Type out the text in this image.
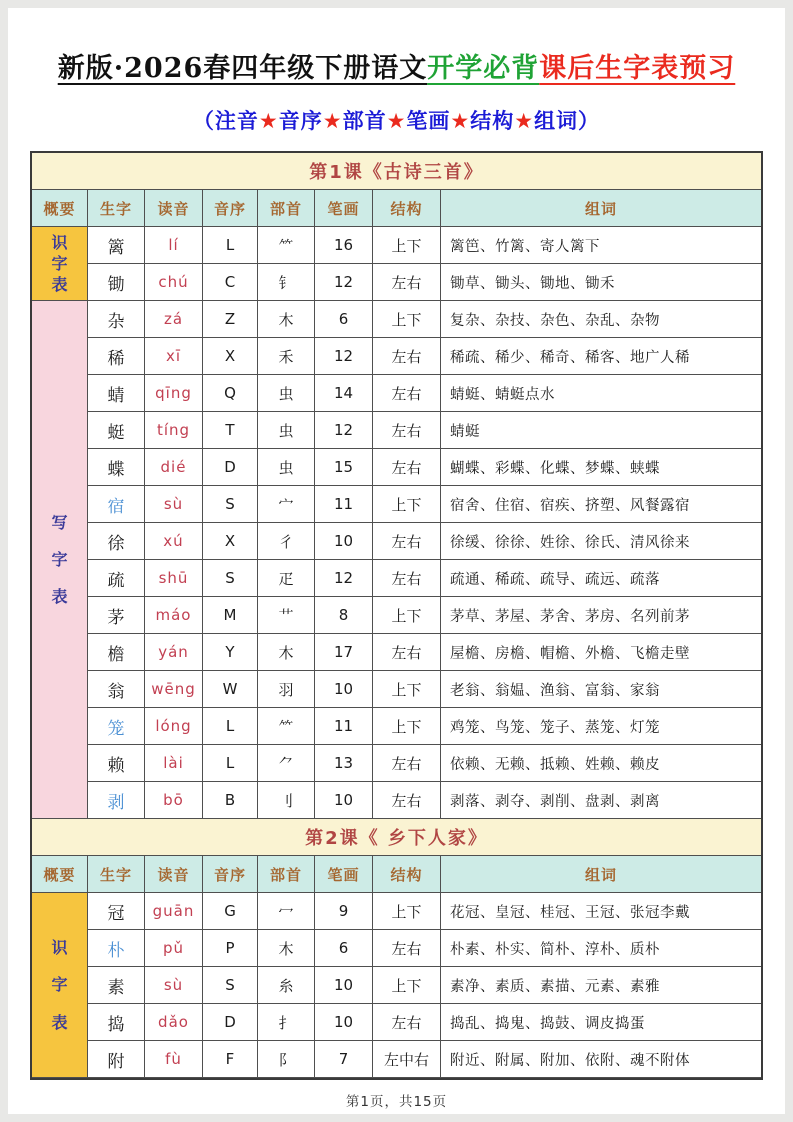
新版·2026春四年级下册语文开学必背课后生字表预习
（注音★音序★部首★笔画★结构★组词）
第1课《古诗三首》
概要	生字	读音	音序	部首	笔画	结构	组词
识
字
表
篱	lí	L	⺮	16	上下	篱笆、竹篱、寄人篱下
锄	chú	C	钅	12	左右	锄草、锄头、锄地、锄禾
写
字
表
杂	zá	Z	木	6	上下	复杂、杂技、杂色、杂乱、杂物
稀	xī	X	禾	12	左右	稀疏、稀少、稀奇、稀客、地广人稀
蜻	qīng	Q	虫	14	左右	蜻蜓、蜻蜓点水
蜓	tíng	T	虫	12	左右	蜻蜓
蝶	dié	D	虫	15	左右	蝴蝶、彩蝶、化蝶、梦蝶、蛱蝶
宿	sù	S	宀	11	上下	宿舍、住宿、宿疾、挤塑、风餐露宿
徐	xú	X	彳	10	左右	徐缓、徐徐、姓徐、徐氏、清风徐来
疏	shū	S	疋	12	左右	疏通、稀疏、疏导、疏远、疏落
茅	máo	M	艹	8	上下	茅草、茅屋、茅舍、茅房、名列前茅
檐	yán	Y	木	17	左右	屋檐、房檐、帽檐、外檐、飞檐走壁
翁	wēng	W	羽	10	上下	老翁、翁媪、渔翁、富翁、家翁
笼	lóng	L	⺮	11	上下	鸡笼、鸟笼、笼子、蒸笼、灯笼
赖	lài	L	⺈	13	左右	依赖、无赖、抵赖、姓赖、赖皮
剥	bō	B	刂	10	左右	剥落、剥夺、剥削、盘剥、剥离
第2课《 乡下人家》
概要	生字	读音	音序	部首	笔画	结构	组词
识
字
表
冠	guān	G	冖	9	上下	花冠、皇冠、桂冠、王冠、张冠李戴
朴	pǔ	P	木	6	左右	朴素、朴实、简朴、淳朴、质朴
素	sù	S	糸	10	上下	素净、素质、素描、元素、素雅
捣	dǎo	D	扌	10	左右	捣乱、捣鬼、捣鼓、调皮捣蛋
附	fù	F	阝	7	左中右	附近、附属、附加、依附、魂不附体
第1页，共15页
